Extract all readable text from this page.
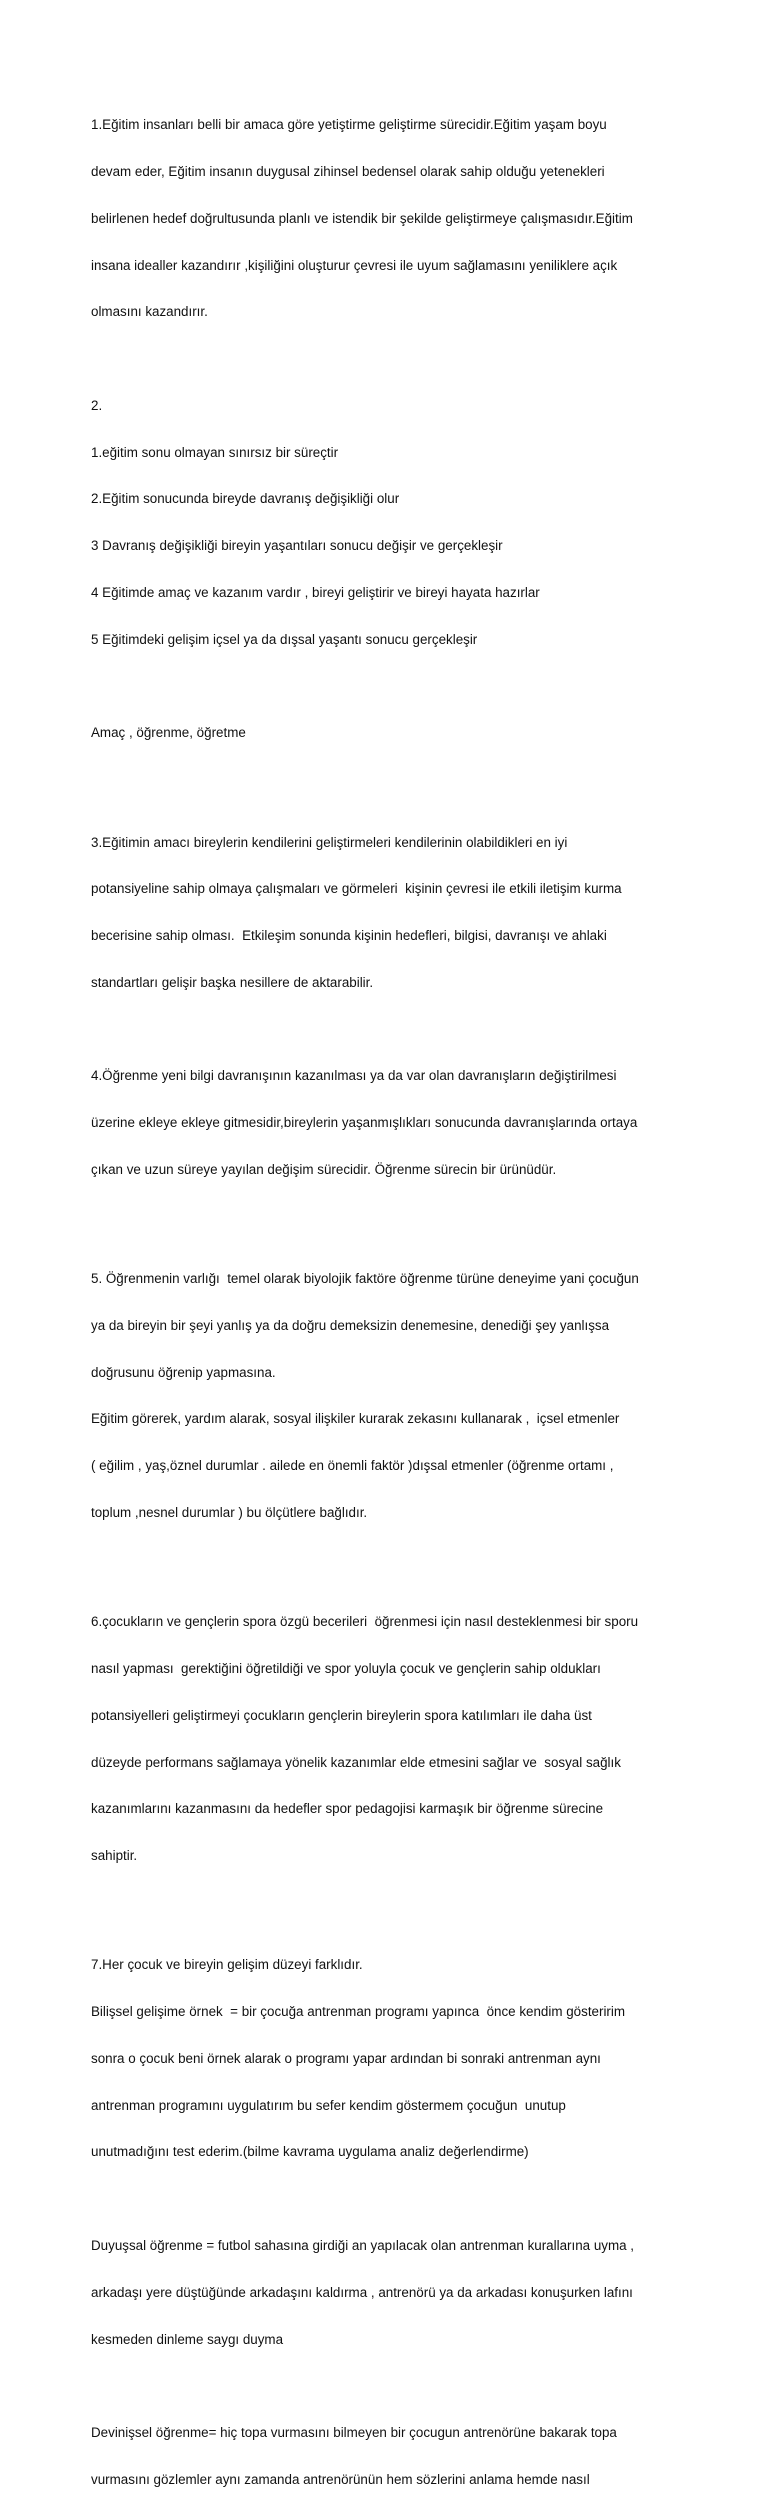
1.Eğitim insanları belli bir amaca göre yetiştirme geliştirme sürecidir.Eğitim yaşam boyu

devam eder, Eğitim insanın duygusal zihinsel bedensel olarak sahip olduğu yetenekleri

belirlenen hedef doğrultusunda planlı ve istendik bir şekilde geliştirmeye çalışmasıdır.Eğitim

insana idealler kazandırır ,kişiliğini oluşturur çevresi ile uyum sağlamasını yeniliklere açık

olmasını kazandırır.

2.

1.eğitim sonu olmayan sınırsız bir süreçtir

2.Eğitim sonucunda bireyde davranış değişikliği olur

3 Davranış değişikliği bireyin yaşantıları sonucu değişir ve gerçekleşir

4 Eğitimde amaç ve kazanım vardır , bireyi geliştirir ve bireyi hayata hazırlar

5 Eğitimdeki gelişim içsel ya da dışsal yaşantı sonucu gerçekleşir

Amaç , öğrenme, öğretme

3.Eğitimin amacı bireylerin kendilerini geliştirmeleri kendilerinin olabildikleri en iyi

potansiyeline sahip olmaya çalışmaları ve görmeleri  kişinin çevresi ile etkili iletişim kurma

becerisine sahip olması.  Etkileşim sonunda kişinin hedefleri, bilgisi, davranışı ve ahlaki

standartları gelişir başka nesillere de aktarabilir.

4.Öğrenme yeni bilgi davranışının kazanılması ya da var olan davranışların değiştirilmesi

üzerine ekleye ekleye gitmesidir,bireylerin yaşanmışlıkları sonucunda davranışlarında ortaya

çıkan ve uzun süreye yayılan değişim sürecidir. Öğrenme sürecin bir ürünüdür.

5. Öğrenmenin varlığı  temel olarak biyolojik faktöre öğrenme türüne deneyime yani çocuğun

ya da bireyin bir şeyi yanlış ya da doğru demeksizin denemesine, denediği şey yanlışsa

doğrusunu öğrenip yapmasına.

Eğitim görerek, yardım alarak, sosyal ilişkiler kurarak zekasını kullanarak ,  içsel etmenler

( eğilim , yaş,öznel durumlar . ailede en önemli faktör )dışsal etmenler (öğrenme ortamı ,

toplum ,nesnel durumlar ) bu ölçütlere bağlıdır.

6.çocukların ve gençlerin spora özgü becerileri  öğrenmesi için nasıl desteklenmesi bir sporu

nasıl yapması  gerektiğini öğretildiği ve spor yoluyla çocuk ve gençlerin sahip oldukları

potansiyelleri geliştirmeyi çocukların gençlerin bireylerin spora katılımları ile daha üst

düzeyde performans sağlamaya yönelik kazanımlar elde etmesini sağlar ve  sosyal sağlık

kazanımlarını kazanmasını da hedefler spor pedagojisi karmaşık bir öğrenme sürecine

sahiptir.

7.Her çocuk ve bireyin gelişim düzeyi farklıdır.

Bilişsel gelişime örnek  = bir çocuğa antrenman programı yapınca  önce kendim gösteririm

sonra o çocuk beni örnek alarak o programı yapar ardından bi sonraki antrenman aynı

antrenman programını uygulatırım bu sefer kendim göstermem çocuğun  unutup

unutmadığını test ederim.(bilme kavrama uygulama analiz değerlendirme)

Duyuşsal öğrenme = futbol sahasına girdiği an yapılacak olan antrenman kurallarına uyma ,

arkadaşı yere düştüğünde arkadaşını kaldırma , antrenörü ya da arkadası konuşurken lafını

kesmeden dinleme saygı duyma

Devinişsel öğrenme= hiç topa vurmasını bilmeyen bir çocugun antrenörüne bakarak topa

vurmasını gözlemler aynı zamanda antrenörünün hem sözlerini anlama hemde nasıl
